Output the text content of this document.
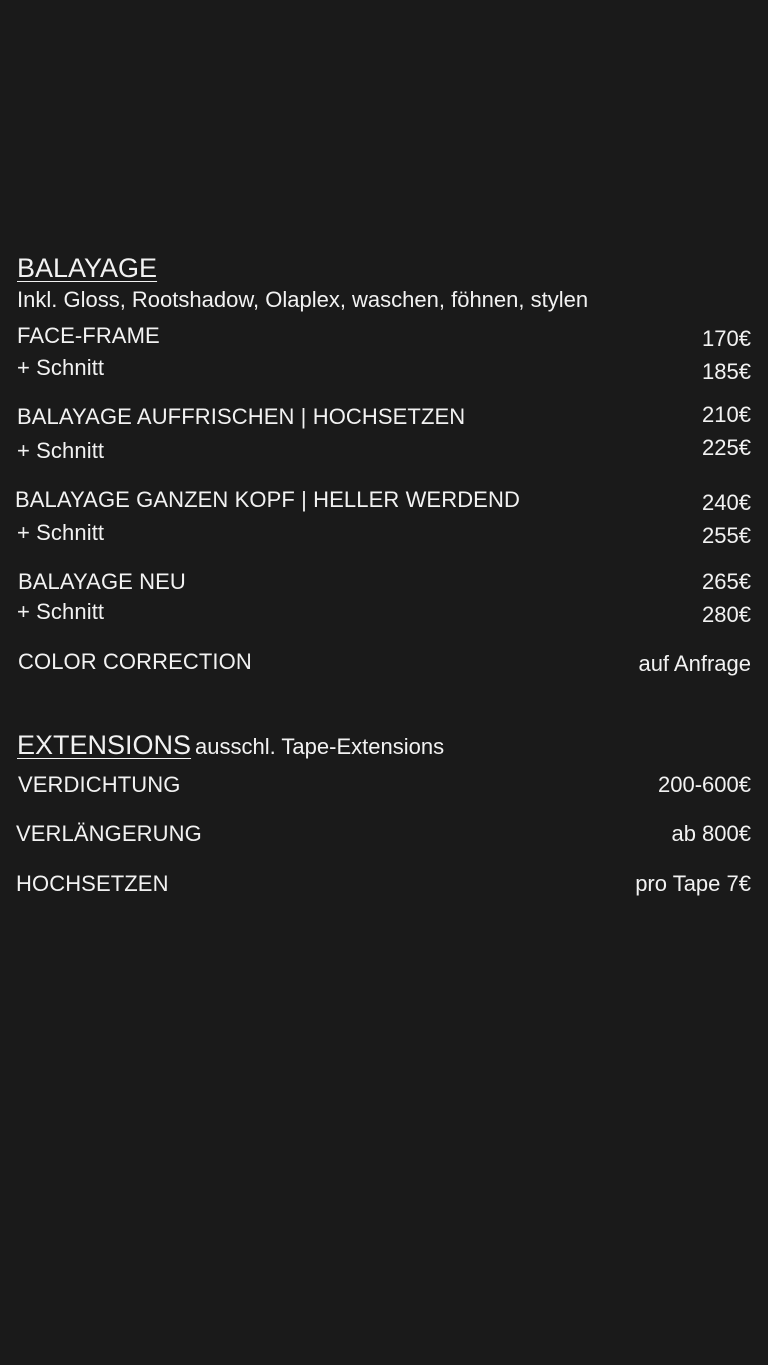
BALAYAGE
Inkl. Gloss, Rootshadow, Olaplex, waschen, föhnen, stylen
FACE-FRAME	170€
+ Schnitt	185€
BALAYAGE AUFFRISCHEN | HOCHSETZEN	210€
+ Schnitt	225€
BALAYAGE GANZEN KOPF | HELLER WERDEND	240€
+ Schnitt	255€
BALAYAGE NEU	265€
+ Schnitt	280€
COLOR CORRECTION	auf Anfrage
EXTENSIONS ausschl. Tape-Extensions
VERDICHTUNG	200-600€
VERLÄNGERUNG	ab 800€
HOCHSETZEN	pro Tape 7€
